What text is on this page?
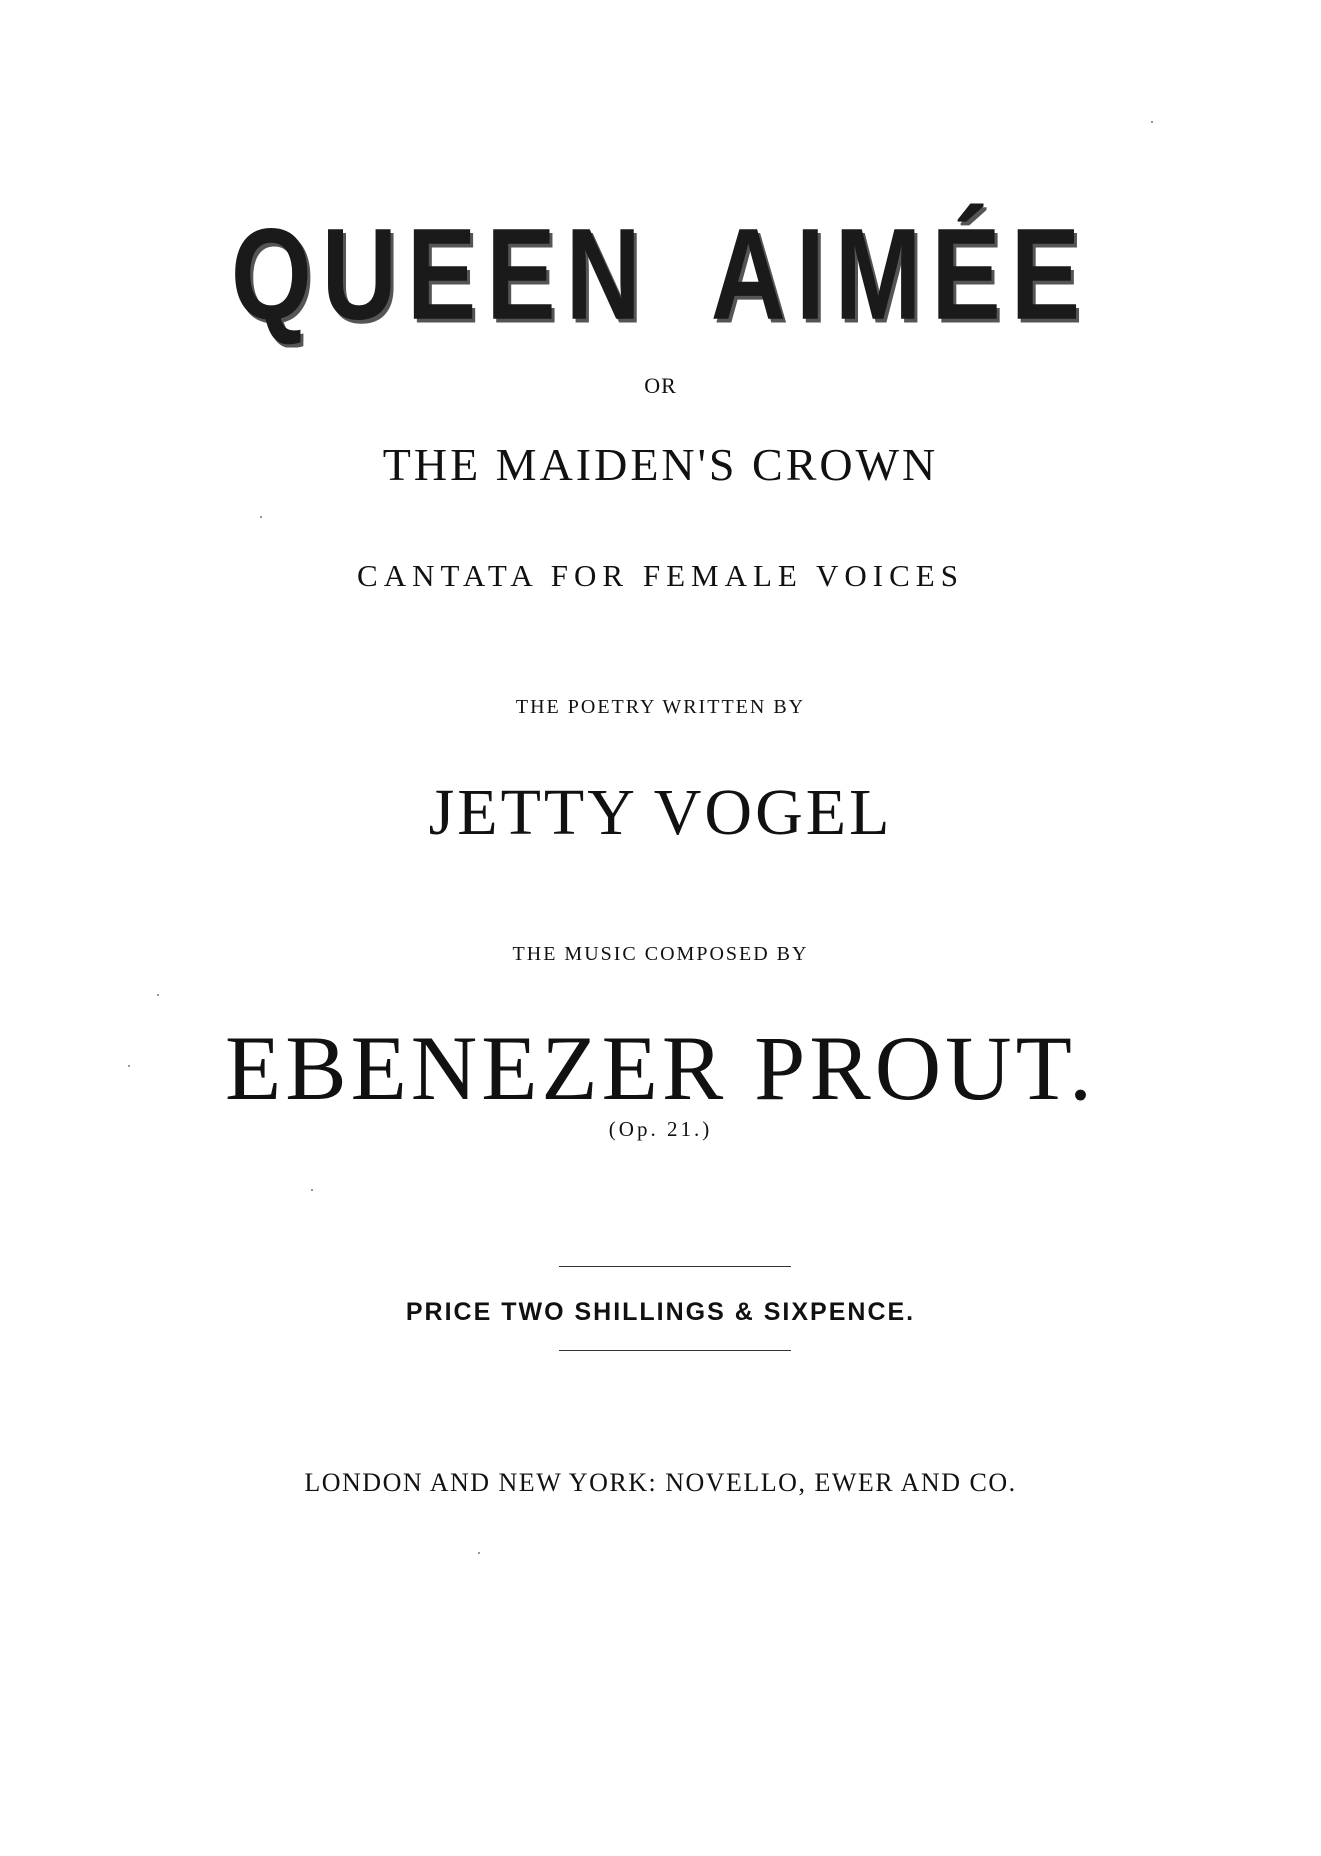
QUEEN AIMÉE
OR
THE MAIDEN'S CROWN
CANTATA FOR FEMALE VOICES
THE POETRY WRITTEN BY
JETTY VOGEL
THE MUSIC COMPOSED BY
EBENEZER PROUT.
(Op. 21.)
PRICE TWO SHILLINGS & SIXPENCE.
LONDON AND NEW YORK: NOVELLO, EWER AND CO.
